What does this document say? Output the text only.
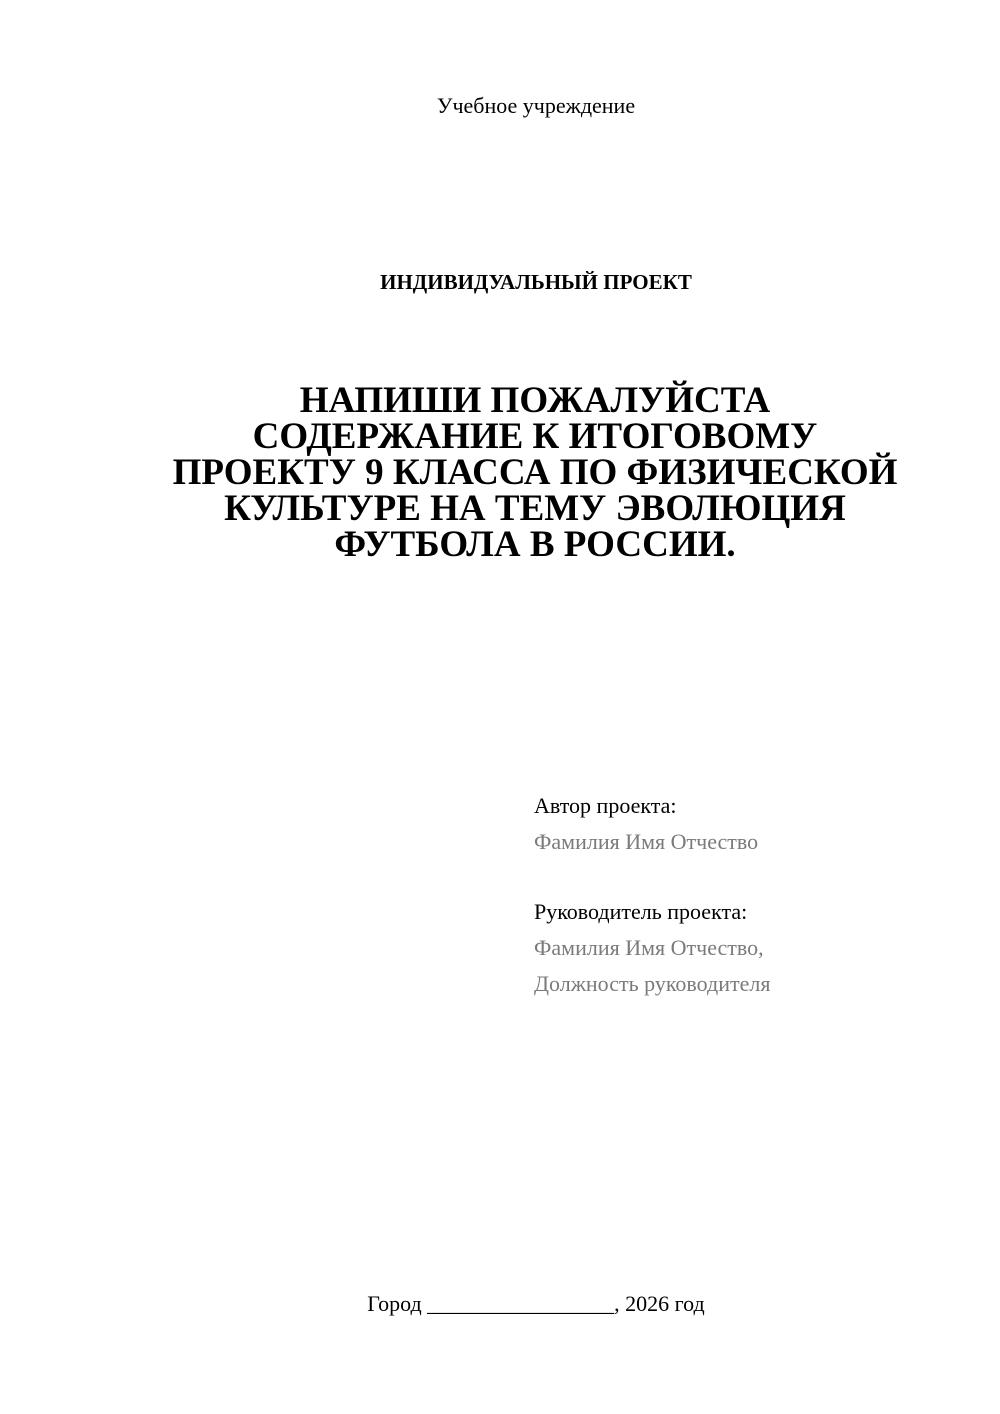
Учебное учреждение
ИНДИВИДУАЛЬНЫЙ ПРОЕКТ
НАПИШИ ПОЖАЛУЙСТА
СОДЕРЖАНИЕ К ИТОГОВОМУ
ПРОЕКТУ 9 КЛАССА ПО ФИЗИЧЕСКОЙ
КУЛЬТУРЕ НА ТЕМУ ЭВОЛЮЦИЯ
ФУТБОЛА В РОССИИ.
Автор проекта:
Фамилия Имя Отчество
Руководитель проекта:
Фамилия Имя Отчество,
Должность руководителя
Город _________________, 2026 год
